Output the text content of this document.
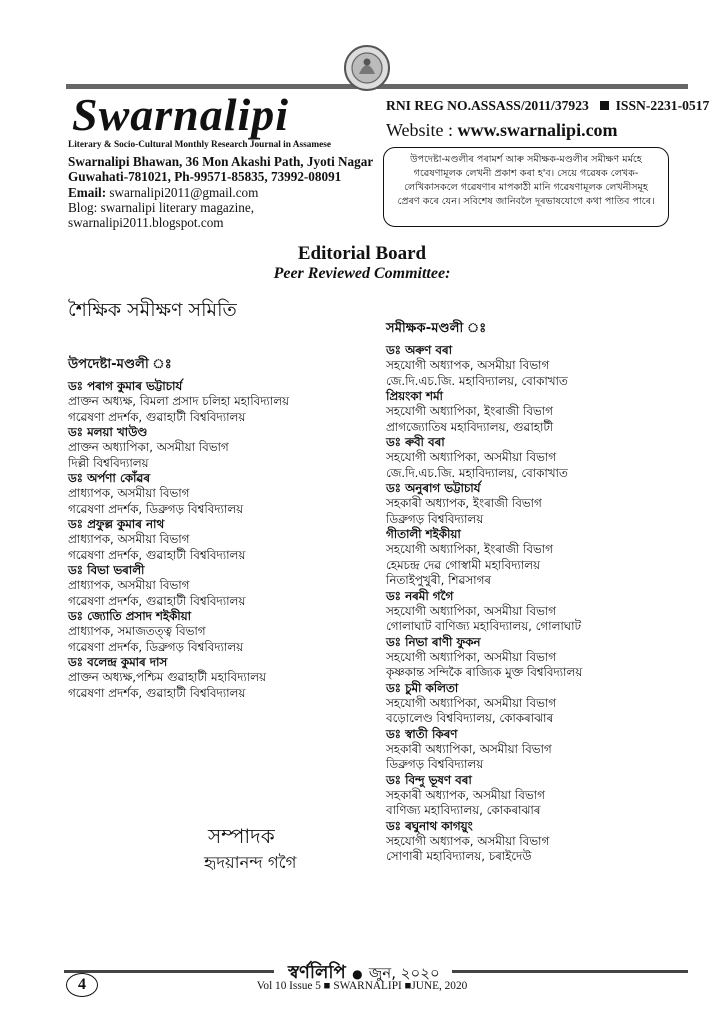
Swarnalipi
Literary & Socio-Cultural Monthly Research Journal in Assamese
Swarnalipi Bhawan, 36 Mon Akashi Path, Jyoti Nagar
Guwahati-781021, Ph-99571-85835, 73992-08091
Email: swarnalipi2011@gmail.com
Blog: swarnalipi literary magazine,
swarnalipi2011.blogspot.com
RNI REG NO.ASSASS/2011/37923 ISSN-2231-0517
Website : www.swarnalipi.com
উপদেষ্টা-মণ্ডলীৰ পৰামৰ্শ আৰু সমীক্ষক-মণ্ডলীৰ সমীক্ষণ মৰ্মহে গৱেষণামূলক লেখনী প্ৰকাশ কৰা হ'ব। সেয়ে গৱেষক লেখক-লেখিকাসকলে গৱেষণাৰ মাপকাঠী মানি গৱেষণামূলক লেখনীসমূহ প্ৰেৰণ কৰে যেন। সবিশেষ জানিবলৈ দূৰভাষযোগে কথা পাতিব পাৰে।
Editorial Board
Peer Reviewed Committee:
শৈক্ষিক সমীক্ষণ সমিতি
উপদেষ্টা-মণ্ডলী ঃ
ডঃ পৰাগ কুমাৰ ভট্টাচাৰ্য
প্ৰাক্তন অধ্যক্ষ, বিমলা প্ৰসাদ চলিহা মহাবিদ্যালয়
গৱেষণা প্ৰদৰ্শক, গুৱাহাটী বিশ্ববিদ্যালয়
ডঃ মলয়া খাউণ্ড
প্ৰাক্তন অধ্যাপিকা, অসমীয়া বিভাগ
দিল্লী বিশ্ববিদ্যালয়
ডঃ অৰ্পণা কোঁৱৰ
প্ৰাধ্যাপক, অসমীয়া বিভাগ
গৱেষণা প্ৰদৰ্শক, ডিব্ৰুগড় বিশ্ববিদ্যালয়
ডঃ প্ৰফুল্ল কুমাৰ নাথ
প্ৰাধ্যাপক, অসমীয়া বিভাগ
গৱেষণা প্ৰদৰ্শক, গুৱাহাটী বিশ্ববিদ্যালয়
ডঃ বিভা ভৰালী
প্ৰাধ্যাপক, অসমীয়া বিভাগ
গৱেষণা প্ৰদৰ্শক, গুৱাহাটী বিশ্ববিদ্যালয়
ডঃ জ্যোতি প্ৰসাদ শইকীয়া
প্ৰাধ্যাপক, সমাজতত্ত্ব বিভাগ
গৱেষণা প্ৰদৰ্শক, ডিব্ৰুগড় বিশ্ববিদ্যালয়
ডঃ বলেন্দ্ৰ কুমাৰ দাস
প্ৰাক্তন অধ্যক্ষ,পশ্চিম গুৱাহাটী মহাবিদ্যালয়
গৱেষণা প্ৰদৰ্শক, গুৱাহাটী বিশ্ববিদ্যালয়
সমীক্ষক-মণ্ডলী ঃ
ডঃ অৰুণ বৰা
সহযোগী অধ্যাপক, অসমীয়া বিভাগ
জে.দি.এচ.জি. মহাবিদ্যালয়, বোকাখাত
প্ৰিয়ংকা শৰ্মা
সহযোগী অধ্যাপিকা, ইংৰাজী বিভাগ
প্ৰাগজ্যোতিষ মহাবিদ্যালয়, গুৱাহাটী
ডঃ ৰুবী বৰা
সহযোগী অধ্যাপিকা, অসমীয়া বিভাগ
জে.দি.এচ.জি. মহাবিদ্যালয়, বোকাখাত
ডঃ অনুৰাগ ভট্টাচাৰ্য
সহকাৰী অধ্যাপক, ইংৰাজী বিভাগ
ডিব্ৰুগড় বিশ্ববিদ্যালয়
গীতালী শইকীয়া
সহযোগী অধ্যাপিকা, ইংৰাজী বিভাগ
হেমচন্দ্ৰ দেৱ গোস্বামী মহাবিদ্যালয়
নিতাইপুখুৰী, শিৱসাগৰ
ডঃ নৰমী গগৈ
সহযোগী অধ্যাপিকা, অসমীয়া বিভাগ
গোলাঘাট বাণিজ্য মহাবিদ্যালয়, গোলাঘাট
ডঃ নিভা ৰাণী ফুকন
সহযোগী অধ্যাপিকা, অসমীয়া বিভাগ
কৃষ্ণকান্ত সন্দিকৈ ৰাজ্যিক মুক্ত বিশ্ববিদ্যালয়
ডঃ চুমী কলিতা
সহযোগী অধ্যাপিকা, অসমীয়া বিভাগ
বড়োলেণ্ড বিশ্ববিদ্যালয়, কোকৰাঝাৰ
ডঃ স্বাতী কিৰণ
সহকাৰী অধ্যাপিকা, অসমীয়া বিভাগ
ডিব্ৰুগড় বিশ্ববিদ্যালয়
ডঃ বিন্দু ভূষণ বৰা
সহকাৰী অধ্যাপক, অসমীয়া বিভাগ
বাণিজ্য মহাবিদ্যালয়, কোকৰাঝাৰ
ডঃ ৰঘুনাথ কাগয়ুং
সহযোগী অধ্যাপক, অসমীয়া বিভাগ
সোণাৰী মহাবিদ্যালয়, চৰাইদেউ
সম্পাদক
হৃদয়ানন্দ গগৈ
স্বৰ্ণলিপি ● জুন, ২০২০
4	Vol 10 Issue 5 ■ SWARNALIPI ■JUNE, 2020
